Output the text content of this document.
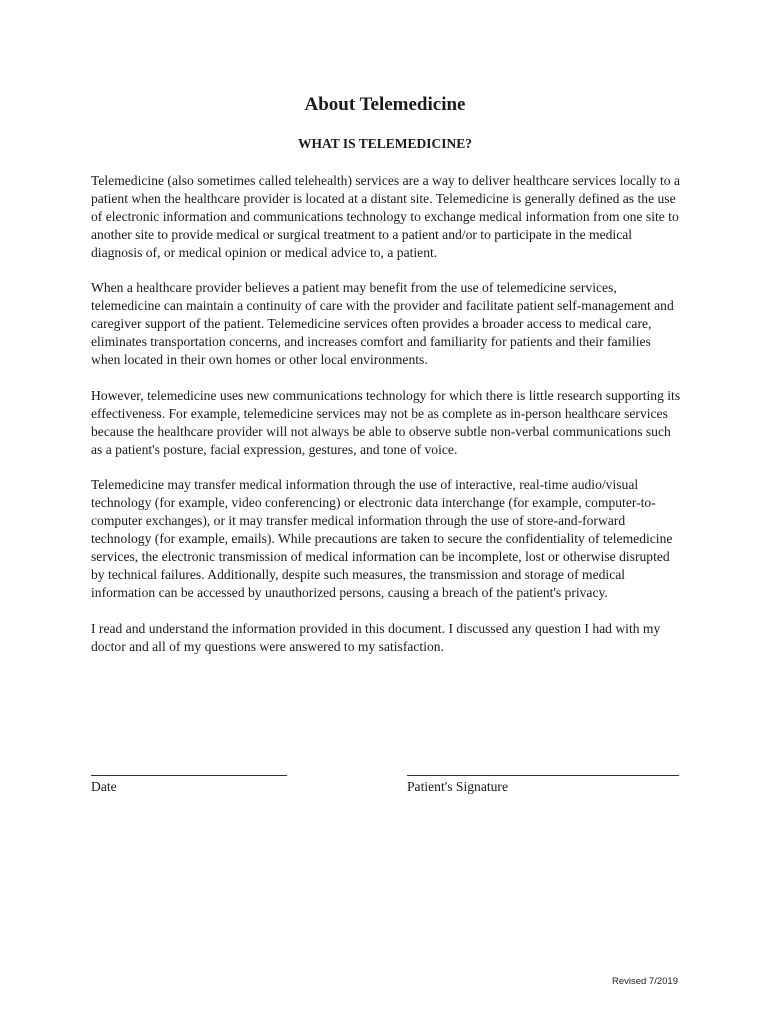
About Telemedicine
WHAT IS TELEMEDICINE?

Telemedicine (also sometimes called telehealth) services are a way to deliver healthcare services locally to a patient when the healthcare provider is located at a distant site. Telemedicine is generally defined as the use of electronic information and communications technology to exchange medical information from one site to another site to provide medical or surgical treatment to a patient and/or to participate in the medical diagnosis of, or medical opinion or medical advice to, a patient.

When a healthcare provider believes a patient may benefit from the use of telemedicine services, telemedicine can maintain a continuity of care with the provider and facilitate patient self-management and caregiver support of the patient. Telemedicine services often provides a broader access to medical care, eliminates transportation concerns, and increases comfort and familiarity for patients and their families when located in their own homes or other local environments.

However, telemedicine uses new communications technology for which there is little research supporting its effectiveness. For example, telemedicine services may not be as complete as in-person healthcare services because the healthcare provider will not always be able to observe subtle non-verbal communications such as a patient's posture, facial expression, gestures, and tone of voice.

Telemedicine may transfer medical information through the use of interactive, real-time audio/visual technology (for example, video conferencing) or electronic data interchange (for example, computer-to-computer exchanges), or it may transfer medical information through the use of store-and-forward technology (for example, emails). While precautions are taken to secure the confidentiality of telemedicine services, the electronic transmission of medical information can be incomplete, lost or otherwise disrupted by technical failures. Additionally, despite such measures, the transmission and storage of medical information can be accessed by unauthorized persons, causing a breach of the patient's privacy.

I read and understand the information provided in this document. I discussed any question I had with my doctor and all of my questions were answered to my satisfaction.

Date	Patient's Signature
Revised 7/2019
